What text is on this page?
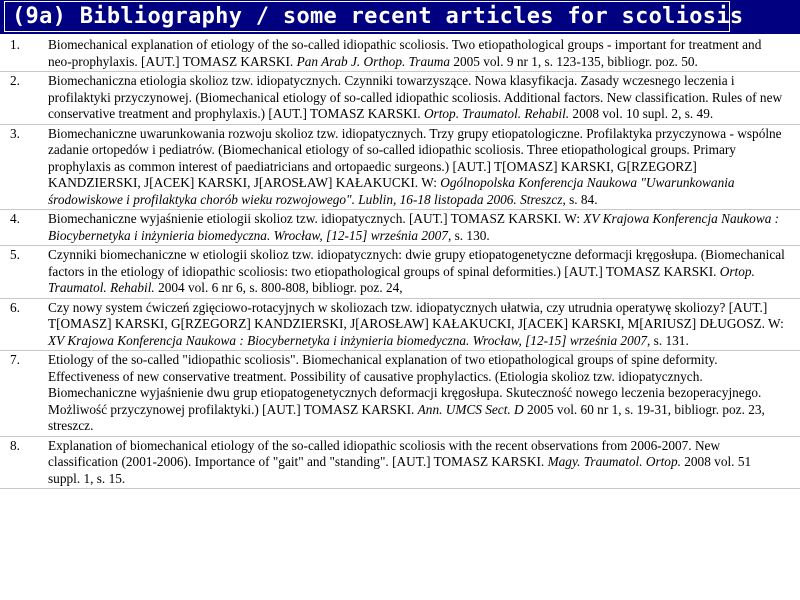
(9a) Bibliography / some recent articles for scoliosis
1.	Biomechanical explanation of etiology of the so-called idiopathic scoliosis. Two etiopathological groups - important for treatment and neo-prophylaxis. [AUT.] TOMASZ KARSKI. Pan Arab J. Orthop. Trauma 2005 vol. 9 nr 1, s. 123-135, bibliogr. poz. 50.
2.	Biomechaniczna etiologia skolioz tzw. idiopatycznych. Czynniki towarzyszące. Nowa klasyfikacja. Zasady wczesnego leczenia i profilaktyki przyczynowej. (Biomechanical etiology of so-called idiopathic scoliosis. Additional factors. New classification. Rules of new conservative treatment and prophylaxis.) [AUT.] TOMASZ KARSKI. Ortop. Traumatol. Rehabil. 2008 vol. 10 supl. 2, s. 49.
3.	Biomechaniczne uwarunkowania rozwoju skolioz tzw. idiopatycznych. Trzy grupy etiopatologiczne. Profilaktyka przyczynowa - wspólne zadanie ortopedów i pediatrów. (Biomechanical etiology of so-called idiopathic scoliosis. Three etiopathological groups. Primary prophylaxis as common interest of paediatricians and ortopaedic surgeons.) [AUT.] T[OMASZ] KARSKI, G[RZEGORZ] KANDZIERSKI, J[ACEK] KARSKI, J[AROSŁAW] KAŁAKUCKI. W: Ogólnopolska Konferencja Naukowa "Uwarunkowania środowiskowe i profilaktyka chorób wieku rozwojowego". Lublin, 16-18 listopada 2006. Streszcz, s. 84.
4.	Biomechaniczne wyjaśnienie etiologii skolioz tzw. idiopatycznych. [AUT.] TOMASZ KARSKI. W: XV Krajowa Konferencja Naukowa : Biocybernetyka i inżynieria biomedyczna. Wrocław, [12-15] września 2007, s. 130.
5.	Czynniki biomechaniczne w etiologii skolioz tzw. idiopatycznych: dwie grupy etiopatogenetyczne deformacji kręgosłupa. (Biomechanical factors in the etiology of idiopathic scoliosis: two etiopathological groups of spinal deformities.) [AUT.] TOMASZ KARSKI. Ortop. Traumatol. Rehabil. 2004 vol. 6 nr 6, s. 800-808, bibliogr. poz. 24,
6.	Czy nowy system ćwiczeń zgięciowo-rotacyjnych w skoliozach tzw. idiopatycznych ułatwia, czy utrudnia operatywę skoliozy? [AUT.] T[OMASZ] KARSKI, G[RZEGORZ] KANDZIERSKI, J[AROSŁAW] KAŁAKUCKI, J[ACEK] KARSKI, M[ARIUSZ] DŁUGOSZ. W: XV Krajowa Konferencja Naukowa : Biocybernetyka i inżynieria biomedyczna. Wrocław, [12-15] września 2007, s. 131.
7.	Etiology of the so-called "idiopathic scoliosis". Biomechanical explanation of two etiopathological groups of spine deformity. Effectiveness of new conservative treatment. Possibility of causative prophylactics. (Etiologia skolioz tzw. idiopatycznych. Biomechaniczne wyjaśnienie dwu grup etiopatogenetycznych deformacji kręgosłupa. Skuteczność nowego leczenia bezoperacyjnego. Możliwość przyczynowej profilaktyki.) [AUT.] TOMASZ KARSKI. Ann. UMCS Sect. D 2005 vol. 60 nr 1, s. 19-31, bibliogr. poz. 23, streszcz.
8.	Explanation of biomechanical etiology of the so-called idiopathic scoliosis with the recent observations from 2006-2007. New classification (2001-2006). Importance of "gait" and "standing". [AUT.] TOMASZ KARSKI. Magy. Traumatol. Ortop. 2008 vol. 51 suppl. 1, s. 15.
